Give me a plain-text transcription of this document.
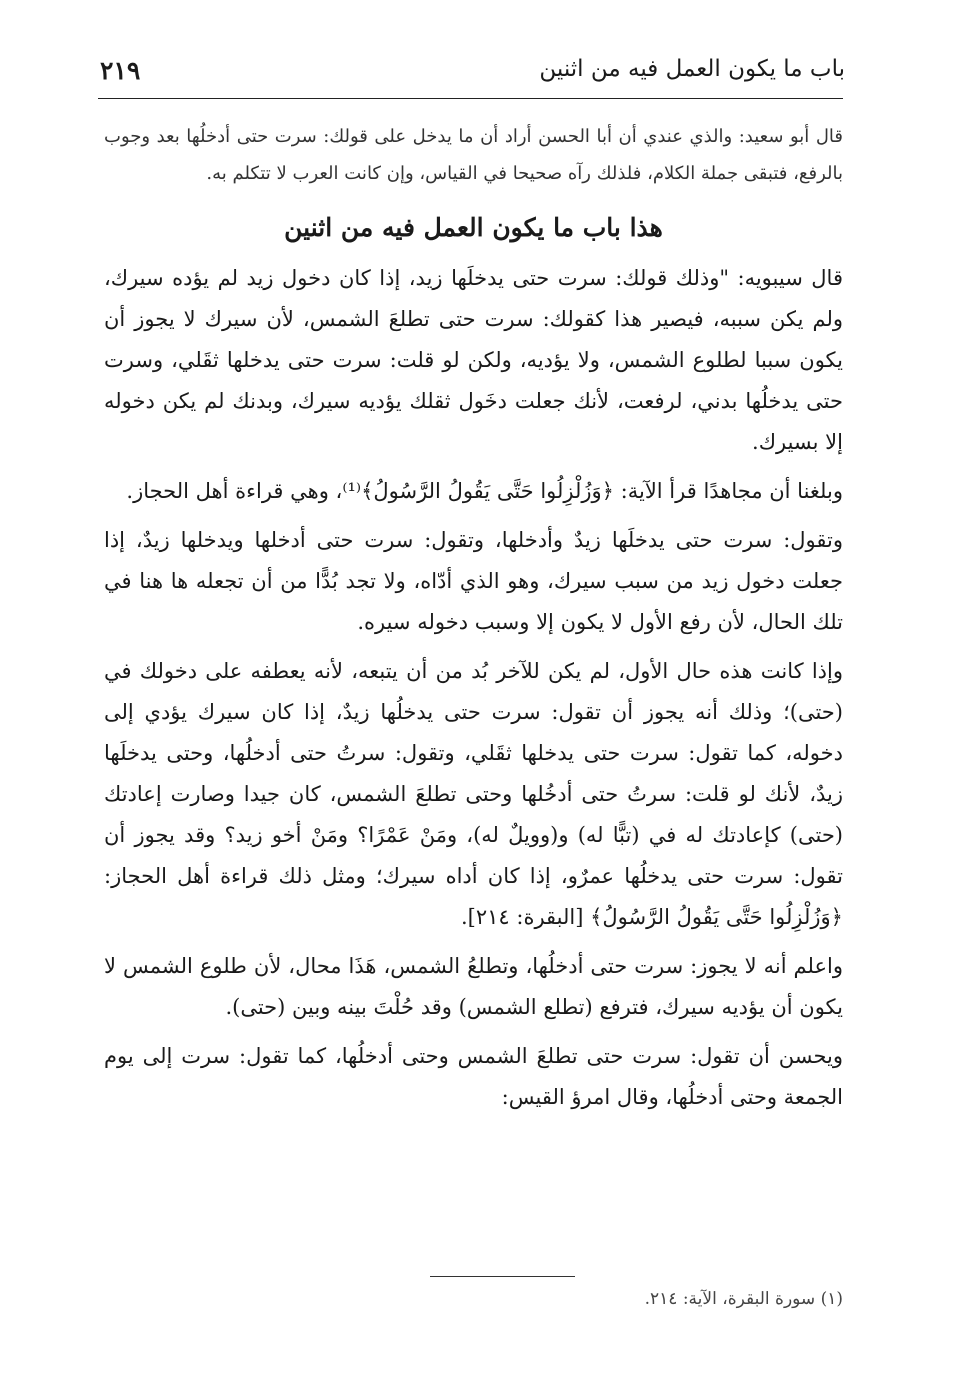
باب ما يكون العمل فيه من اثنين
٢١٩

قال أبو سعيد: والذي عندي أن أبا الحسن أراد أن ما يدخل على قولك: سرت حتى أدخلُها بعد وجوب بالرفع، فتبقى جملة الكلام، فلذلك رآه صحيحا في القياس، وإن كانت العرب لا تتكلم به.

هذا باب ما يكون العمل فيه من اثنين

قال سيبويه: "وذلك قولك: سرت حتى يدخلَها زيد، إذا كان دخول زيد لم يؤده سيرك، ولم يكن سببه، فيصير هذا كقولك: سرت حتى تطلعَ الشمس، لأن سيرك لا يجوز أن يكون سببا لطلوع الشمس، ولا يؤديه، ولكن لو قلت: سرت حتى يدخلها ثقَلي، وسرت حتى يدخلُها بدني، لرفعت، لأنك جعلت دخَول ثقلك يؤديه سيرك، وبدنك لم يكن دخوله إلا بسيرك.

وبلغنا أن مجاهدًا قرأ الآية: ﴿وَزُلْزِلُوا حَتَّى يَقُولُ الرَّسُولُ﴾⁽¹⁾، وهي قراءة أهل الحجاز.

وتقول: سرت حتى يدخلَها زيدٌ وأدخلها، وتقول: سرت حتى أدخلها ويدخلها زيدٌ، إذا جعلت دخول زيد من سبب سيرك، وهو الذي أدّاه، ولا تجد بُدًّا من أن تجعله ها هنا في تلك الحال، لأن رفع الأول لا يكون إلا وسبب دخوله سيره.

وإذا كانت هذه حال الأول، لم يكن للآخر بُد من أن يتبعه، لأنه يعطفه على دخولك في (حتى)؛ وذلك أنه يجوز أن تقول: سرت حتى يدخلُها زيدٌ، إذا كان سيرك يؤدي إلى دخوله، كما تقول: سرت حتى يدخلها ثقَلي، وتقول: سرتُ حتى أدخلُها، وحتى يدخلَها زيدٌ، لأنك لو قلت: سرتُ حتى أدخُلها وحتى تطلعَ الشمس، كان جيدا وصارت إعادتك (حتى) كإعادتك له في (تبًّا له) و(وويلٌ له)، ومَنْ عَمْرًا؟ ومَنْ أخو زيد؟ وقد يجوز أن تقول: سرت حتى يدخلُها عمرٌو، إذا كان أداه سيرك؛ ومثل ذلك قراءة أهل الحجاز: ﴿وَزُلْزِلُوا حَتَّى يَقُولُ الرَّسُولُ﴾ [البقرة: ٢١٤].

واعلم أنه لا يجوز: سرت حتى أدخلُها، وتطلعُ الشمس، هَذَا محال، لأن طلوع الشمس لا يكون أن يؤديه سيرك، فترفع (تطلع الشمس) وقد حُلْتَ بينه وبين (حتى).

ويحسن أن تقول: سرت حتى تطلعَ الشمس وحتى أدخلُها، كما تقول: سرت إلى يوم الجمعة وحتى أدخلُها، وقال امرؤ القيس:

(١) سورة البقرة، الآية: ٢١٤.
